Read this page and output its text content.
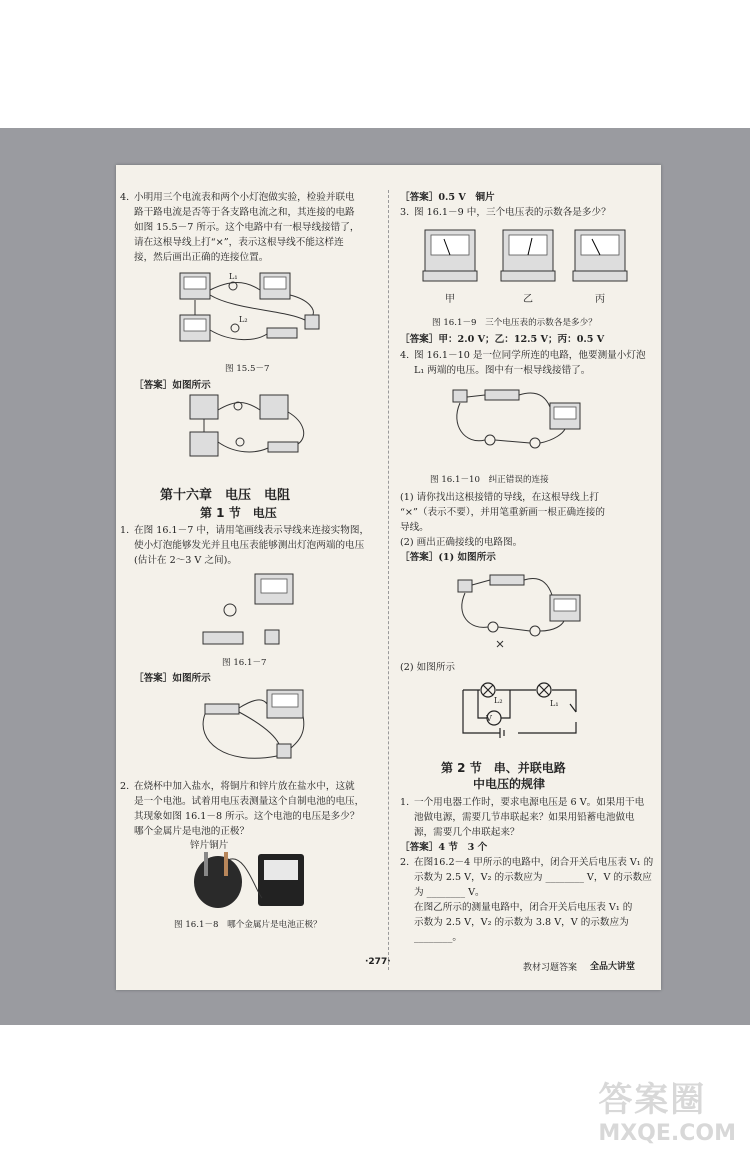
4. 小明用三个电流表和两个小灯泡做实验，检验并联电
路干路电流是否等于各支路电流之和，其连接的电路
如图 15.5－7 所示。这个电路中有一根导线接错了，
请在这根导线上打“×”，表示这根导线不能这样连
接，然后画出正确的连接位置。
L₁
L₂
图 15.5－7
［答案］如图所示
第十六章　电压　电阻
第 1 节　电压
1. 在图 16.1－7 中，请用笔画线表示导线来连接实物图，
使小灯泡能够发光并且电压表能够测出灯泡两端的电压
(估计在 2～3 V 之间)。
图 16.1－7
［答案］如图所示
2. 在烧杯中加入盐水，将铜片和锌片放在盐水中，这就
是一个电池。试着用电压表测量这个自制电池的电压，
其现象如图 16.1－8 所示。这个电池的电压是多少？
哪个金属片是电池的正极？
锌片铜片
图 16.1－8　哪个金属片是电池正极？
［答案］0.5 V　铜片
3. 图 16.1－9 中，三个电压表的示数各是多少？
甲	乙	丙
图 16.1－9　三个电压表的示数各是多少？
［答案］甲：2.0 V；乙：12.5 V；丙：0.5 V
4. 图 16.1－10 是一位同学所连的电路，他要测量小灯泡
L₁ 两端的电压。图中有一根导线接错了。
图 16.1－10　纠正错误的连接
(1) 请你找出这根接错的导线，在这根导线上打
“×”（表示不要），并用笔重新画一根正确连接的
导线。
(2) 画出正确接线的电路图。
［答案］(1) 如图所示
(2) 如图所示
V
L₂	L₁
第 2 节　串、并联电路
中电压的规律
1. 一个用电器工作时，要求电源电压是 6 V。如果用干电
池做电源，需要几节串联起来？如果用铅蓄电池做电
源，需要几个串联起来？
［答案］4 节　3 个
2. 在图16.2－4 甲所示的电路中，闭合开关后电压表 V₁ 的
示数为 2.5 V，V₂ 的示数应为 ________ V，V 的示数应
为 ________ V。
在图乙所示的测量电路中，闭合开关后电压表 V₁ 的
示数为 2.5 V，V₂ 的示数为 3.8 V，V 的示数应为
________。
·277·
教材习题答案 全品大讲堂
答案圈
MXQE.COM
